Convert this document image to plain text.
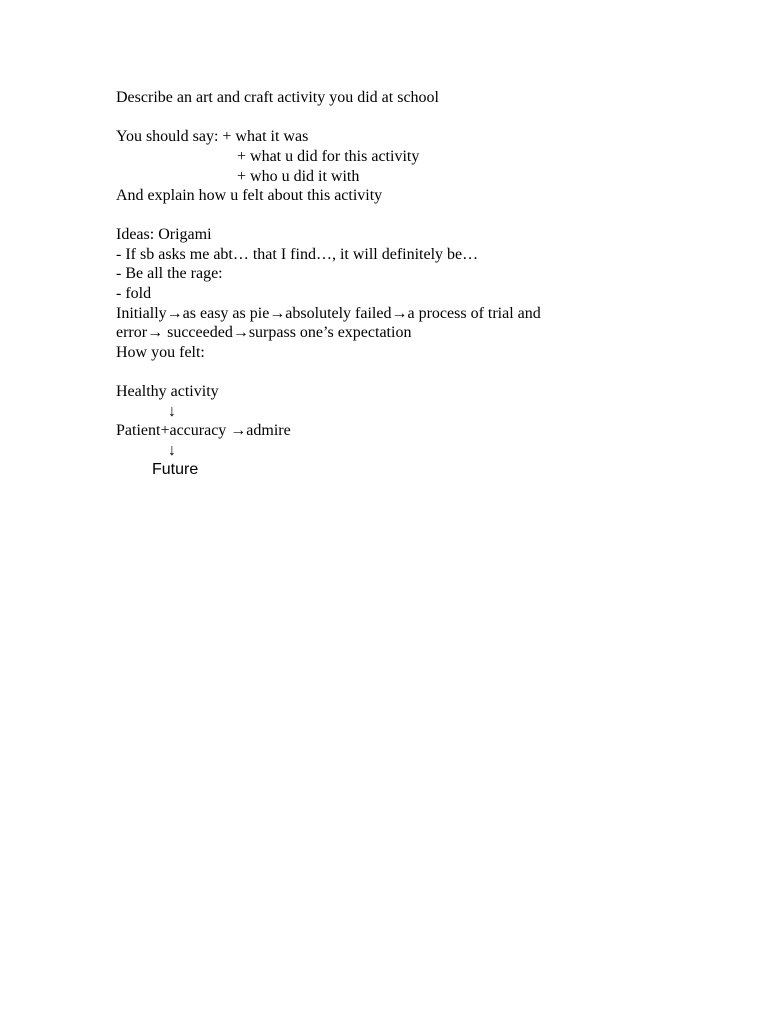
Describe an art and craft activity you did at school
You should say: + what it was
+ what u did for this activity
+ who u did it with
And explain how u felt about this activity
Ideas: Origami
- If sb asks me abt… that I find…, it will definitely be…
- Be all the rage:
- fold
Initially→as easy as pie→absolutely failed→a process of trial and
error→ succeeded→surpass one’s expectation
How you felt:
Healthy activity
↓
Patient+accuracy →admire
↓
Future
